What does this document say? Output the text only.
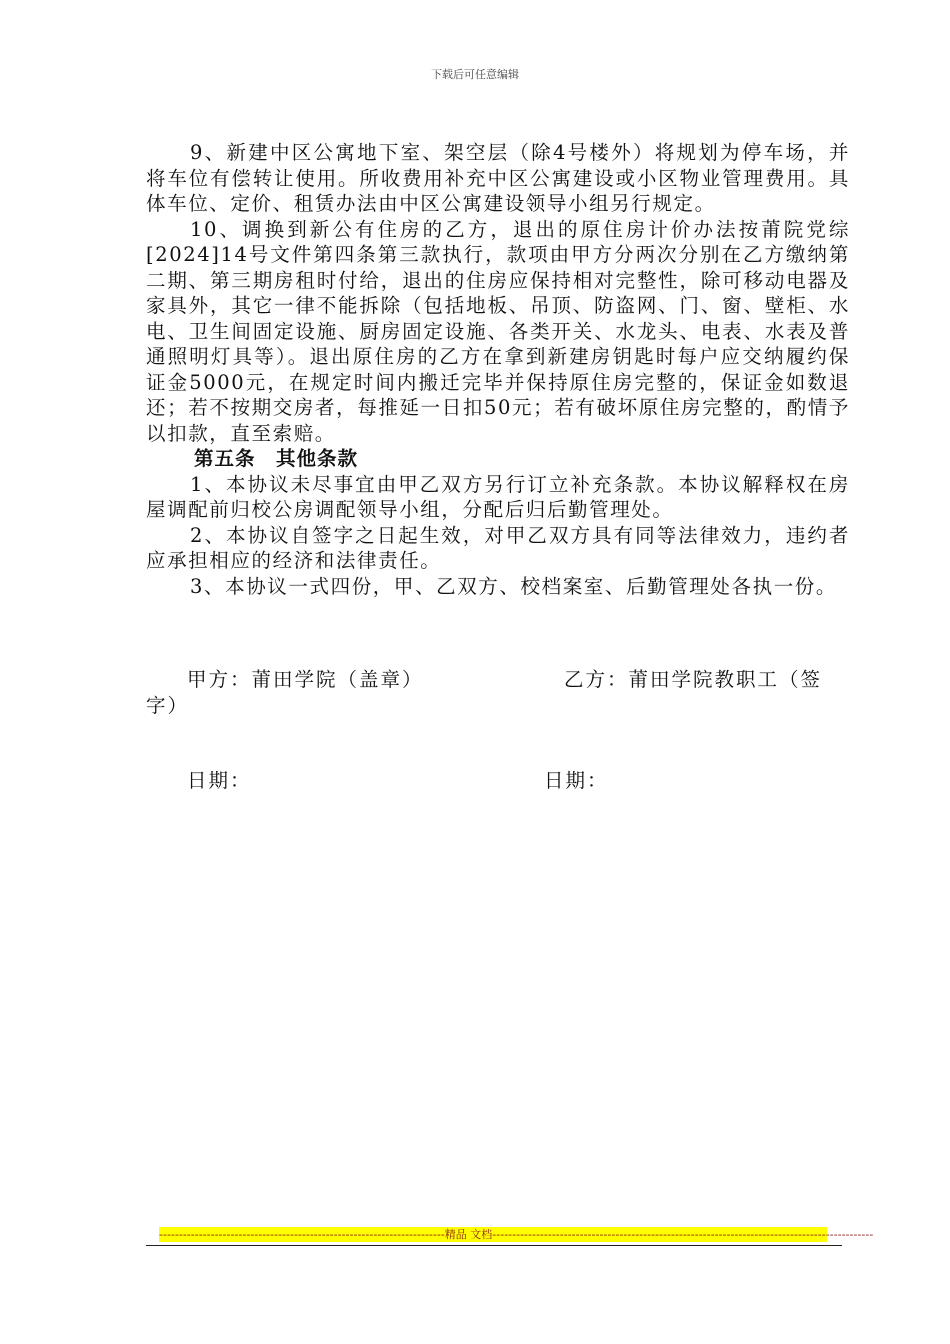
下载后可任意编辑

9、新建中区公寓地下室、架空层（除4号楼外）将规划为停车场，并将车位有偿转让使用。所收费用补充中区公寓建设或小区物业管理费用。具体车位、定价、租赁办法由中区公寓建设领导小组另行规定。

10、调换到新公有住房的乙方，退出的原住房计价办法按莆院党综[2024]14号文件第四条第三款执行，款项由甲方分两次分别在乙方缴纳第二期、第三期房租时付给，退出的住房应保持相对完整性，除可移动电器及家具外，其它一律不能拆除（包括地板、吊顶、防盗网、门、窗、壁柜、水电、卫生间固定设施、厨房固定设施、各类开关、水龙头、电表、水表及普通照明灯具等）。退出原住房的乙方在拿到新建房钥匙时每户应交纳履约保证金5000元，在规定时间内搬迁完毕并保持原住房完整的，保证金如数退还；若不按期交房者，每推延一日扣50元；若有破坏原住房完整的，酌情予以扣款，直至索赔。

第五条　其他条款

1、本协议未尽事宜由甲乙双方另行订立补充条款。本协议解释权在房屋调配前归校公房调配领导小组，分配后归后勤管理处。

2、本协议自签字之日起生效，对甲乙双方具有同等法律效力，违约者应承担相应的经济和法律责任。

3、本协议一式四份，甲、乙双方、校档案室、后勤管理处各执一份。

甲方：莆田学院（盖章）	乙方：莆田学院教职工（签
字）
日期：	日期：
------------------------------------------------------------------------精品 文档------------------------------------------------------------------------------------------------
